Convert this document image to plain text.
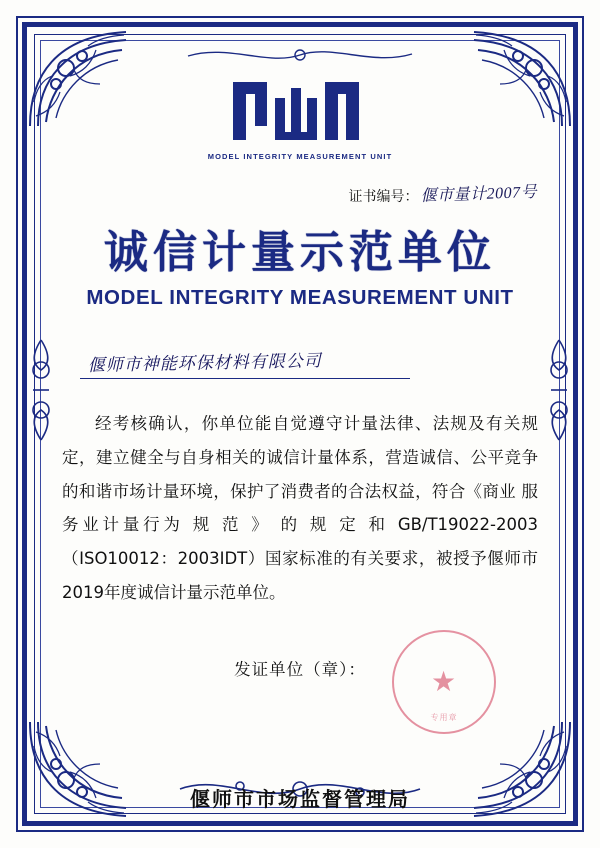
MODEL INTEGRITY MEASUREMENT UNIT
证书编号： 偃市量计2007号
诚信计量示范单位
MODEL INTEGRITY MEASUREMENT UNIT
偃师市神能环保材料有限公司

经考核确认，你单位能自觉遵守计量法律、法规及有关规定，建立健全与自身相关的诚信计量体系，营造诚信、公平竞争的和谐市场计量环境，保护了消费者的合法权益，符合《商业 服务业计量行为 规 范 》 的 规 定 和 GB/T19022-2003（ISO10012：2003IDT）国家标准的有关要求，被授予偃师市2019年度诚信计量示范单位。

发证单位（章）： ★
专用章
偃师市市场监督管理局
